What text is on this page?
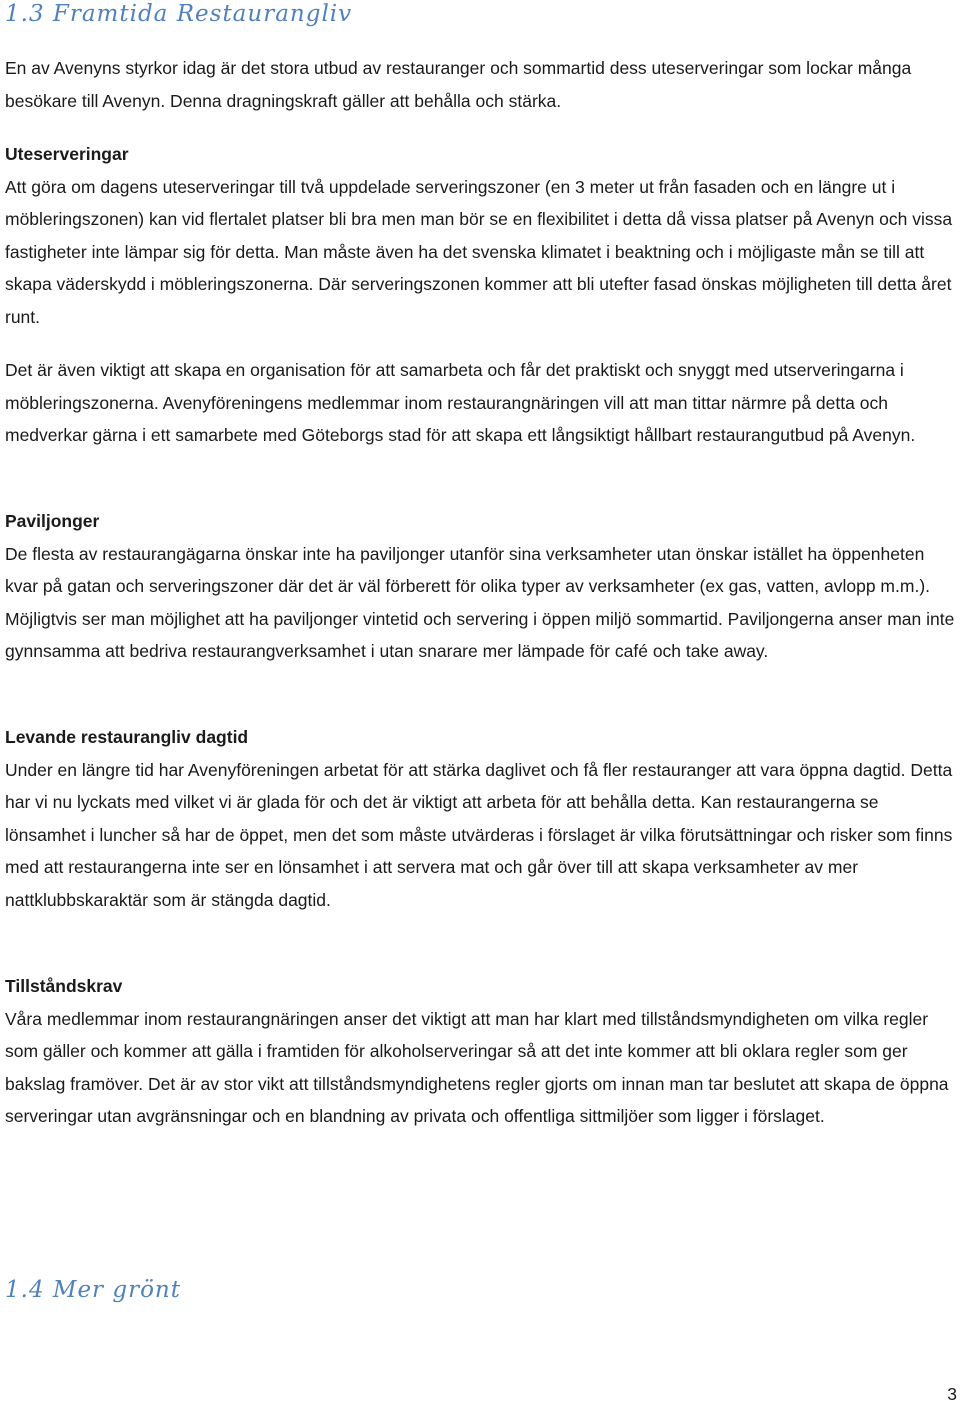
1.3 Framtida Restaurangliv

En av Avenyns styrkor idag är det stora utbud av restauranger och sommartid dess uteserveringar som lockar många besökare till Avenyn. Denna dragningskraft gäller att behålla och stärka.

Uteserveringar
Att göra om dagens uteserveringar till två uppdelade serveringszoner (en 3 meter ut från fasaden och en längre ut i möbleringszonen) kan vid flertalet platser bli bra men man bör se en flexibilitet i detta då vissa platser på Avenyn och vissa fastigheter inte lämpar sig för detta. Man måste även ha det svenska klimatet i beaktning och i möjligaste mån se till att skapa väderskydd i möbleringszonerna. Där serveringszonen kommer att bli utefter fasad önskas möjligheten till detta året runt.

Det är även viktigt att skapa en organisation för att samarbeta och får det praktiskt och snyggt med utserveringarna i möbleringszonerna. Avenyföreningens medlemmar inom restaurangnäringen vill att man tittar närmre på detta och medverkar gärna i ett samarbete med Göteborgs stad för att skapa ett långsiktigt hållbart restaurangutbud på Avenyn.

Paviljonger
De flesta av restaurangägarna önskar inte ha paviljonger utanför sina verksamheter utan önskar istället ha öppenheten kvar på gatan och serveringszoner där det är väl förberett för olika typer av verksamheter (ex gas, vatten, avlopp m.m.). Möjligtvis ser man möjlighet att ha paviljonger vintetid och servering i öppen miljö sommartid. Paviljongerna anser man inte gynnsamma att bedriva restaurangverksamhet i utan snarare mer lämpade för café och take away.
Levande restaurangliv dagtid
Under en längre tid har Avenyföreningen arbetat för att stärka daglivet och få fler restauranger att vara öppna dagtid. Detta har vi nu lyckats med vilket vi är glada för och det är viktigt att arbeta för att behålla detta. Kan restaurangerna se lönsamhet i luncher så har de öppet, men det som måste utvärderas i förslaget är vilka förutsättningar och risker som finns med att restaurangerna inte ser en lönsamhet i att servera mat och går över till att skapa verksamheter av mer nattklubbskaraktär som är stängda dagtid.
Tillståndskrav
Våra medlemmar inom restaurangnäringen anser det viktigt att man har klart med tillståndsmyndigheten om vilka regler som gäller och kommer att gälla i framtiden för alkoholserveringar så att det inte kommer att bli oklara regler som ger bakslag framöver. Det är av stor vikt att tillståndsmyndighetens regler gjorts om innan man tar beslutet att skapa de öppna serveringar utan avgränsningar och en blandning av privata och offentliga sittmiljöer som ligger i förslaget.
1.4 Mer grönt

3
